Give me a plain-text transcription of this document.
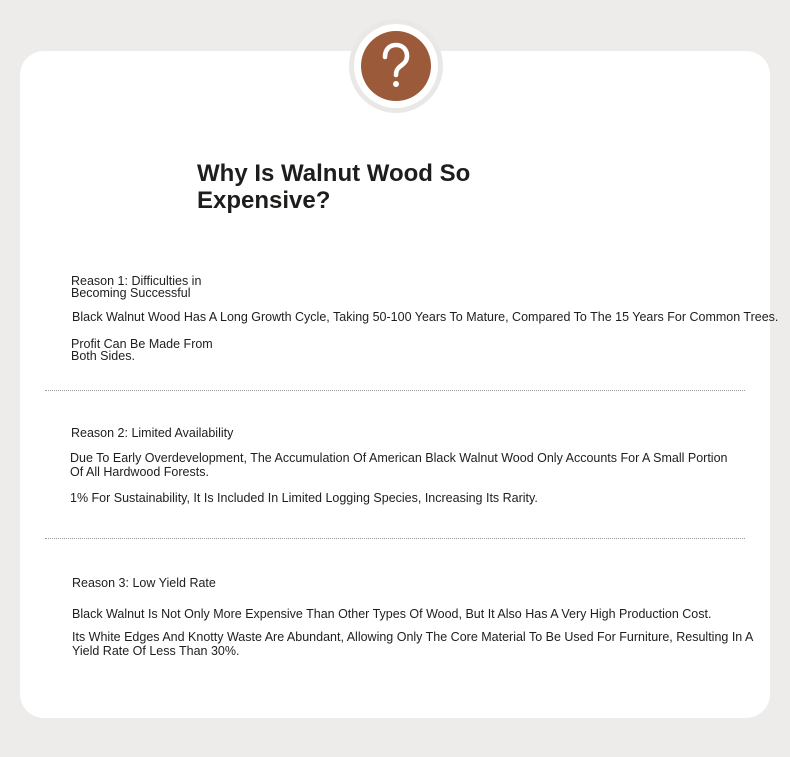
Why Is Walnut Wood So Expensive?

Reason 1: Difficulties in Becoming Successful

Black Walnut Wood Has A Long Growth Cycle, Taking 50-100 Years To Mature, Compared To The 15 Years For Common Trees.

Profit Can Be Made From Both Sides.

Reason 2: Limited Availability

Due To Early Overdevelopment, The Accumulation Of American Black Walnut Wood Only Accounts For A Small Portion Of All Hardwood Forests.

1% For Sustainability, It Is Included In Limited Logging Species, Increasing Its Rarity.

Reason 3: Low Yield Rate

Black Walnut Is Not Only More Expensive Than Other Types Of Wood, But It Also Has A Very High Production Cost.

Its White Edges And Knotty Waste Are Abundant, Allowing Only The Core Material To Be Used For Furniture, Resulting In A Yield Rate Of Less Than 30%.
